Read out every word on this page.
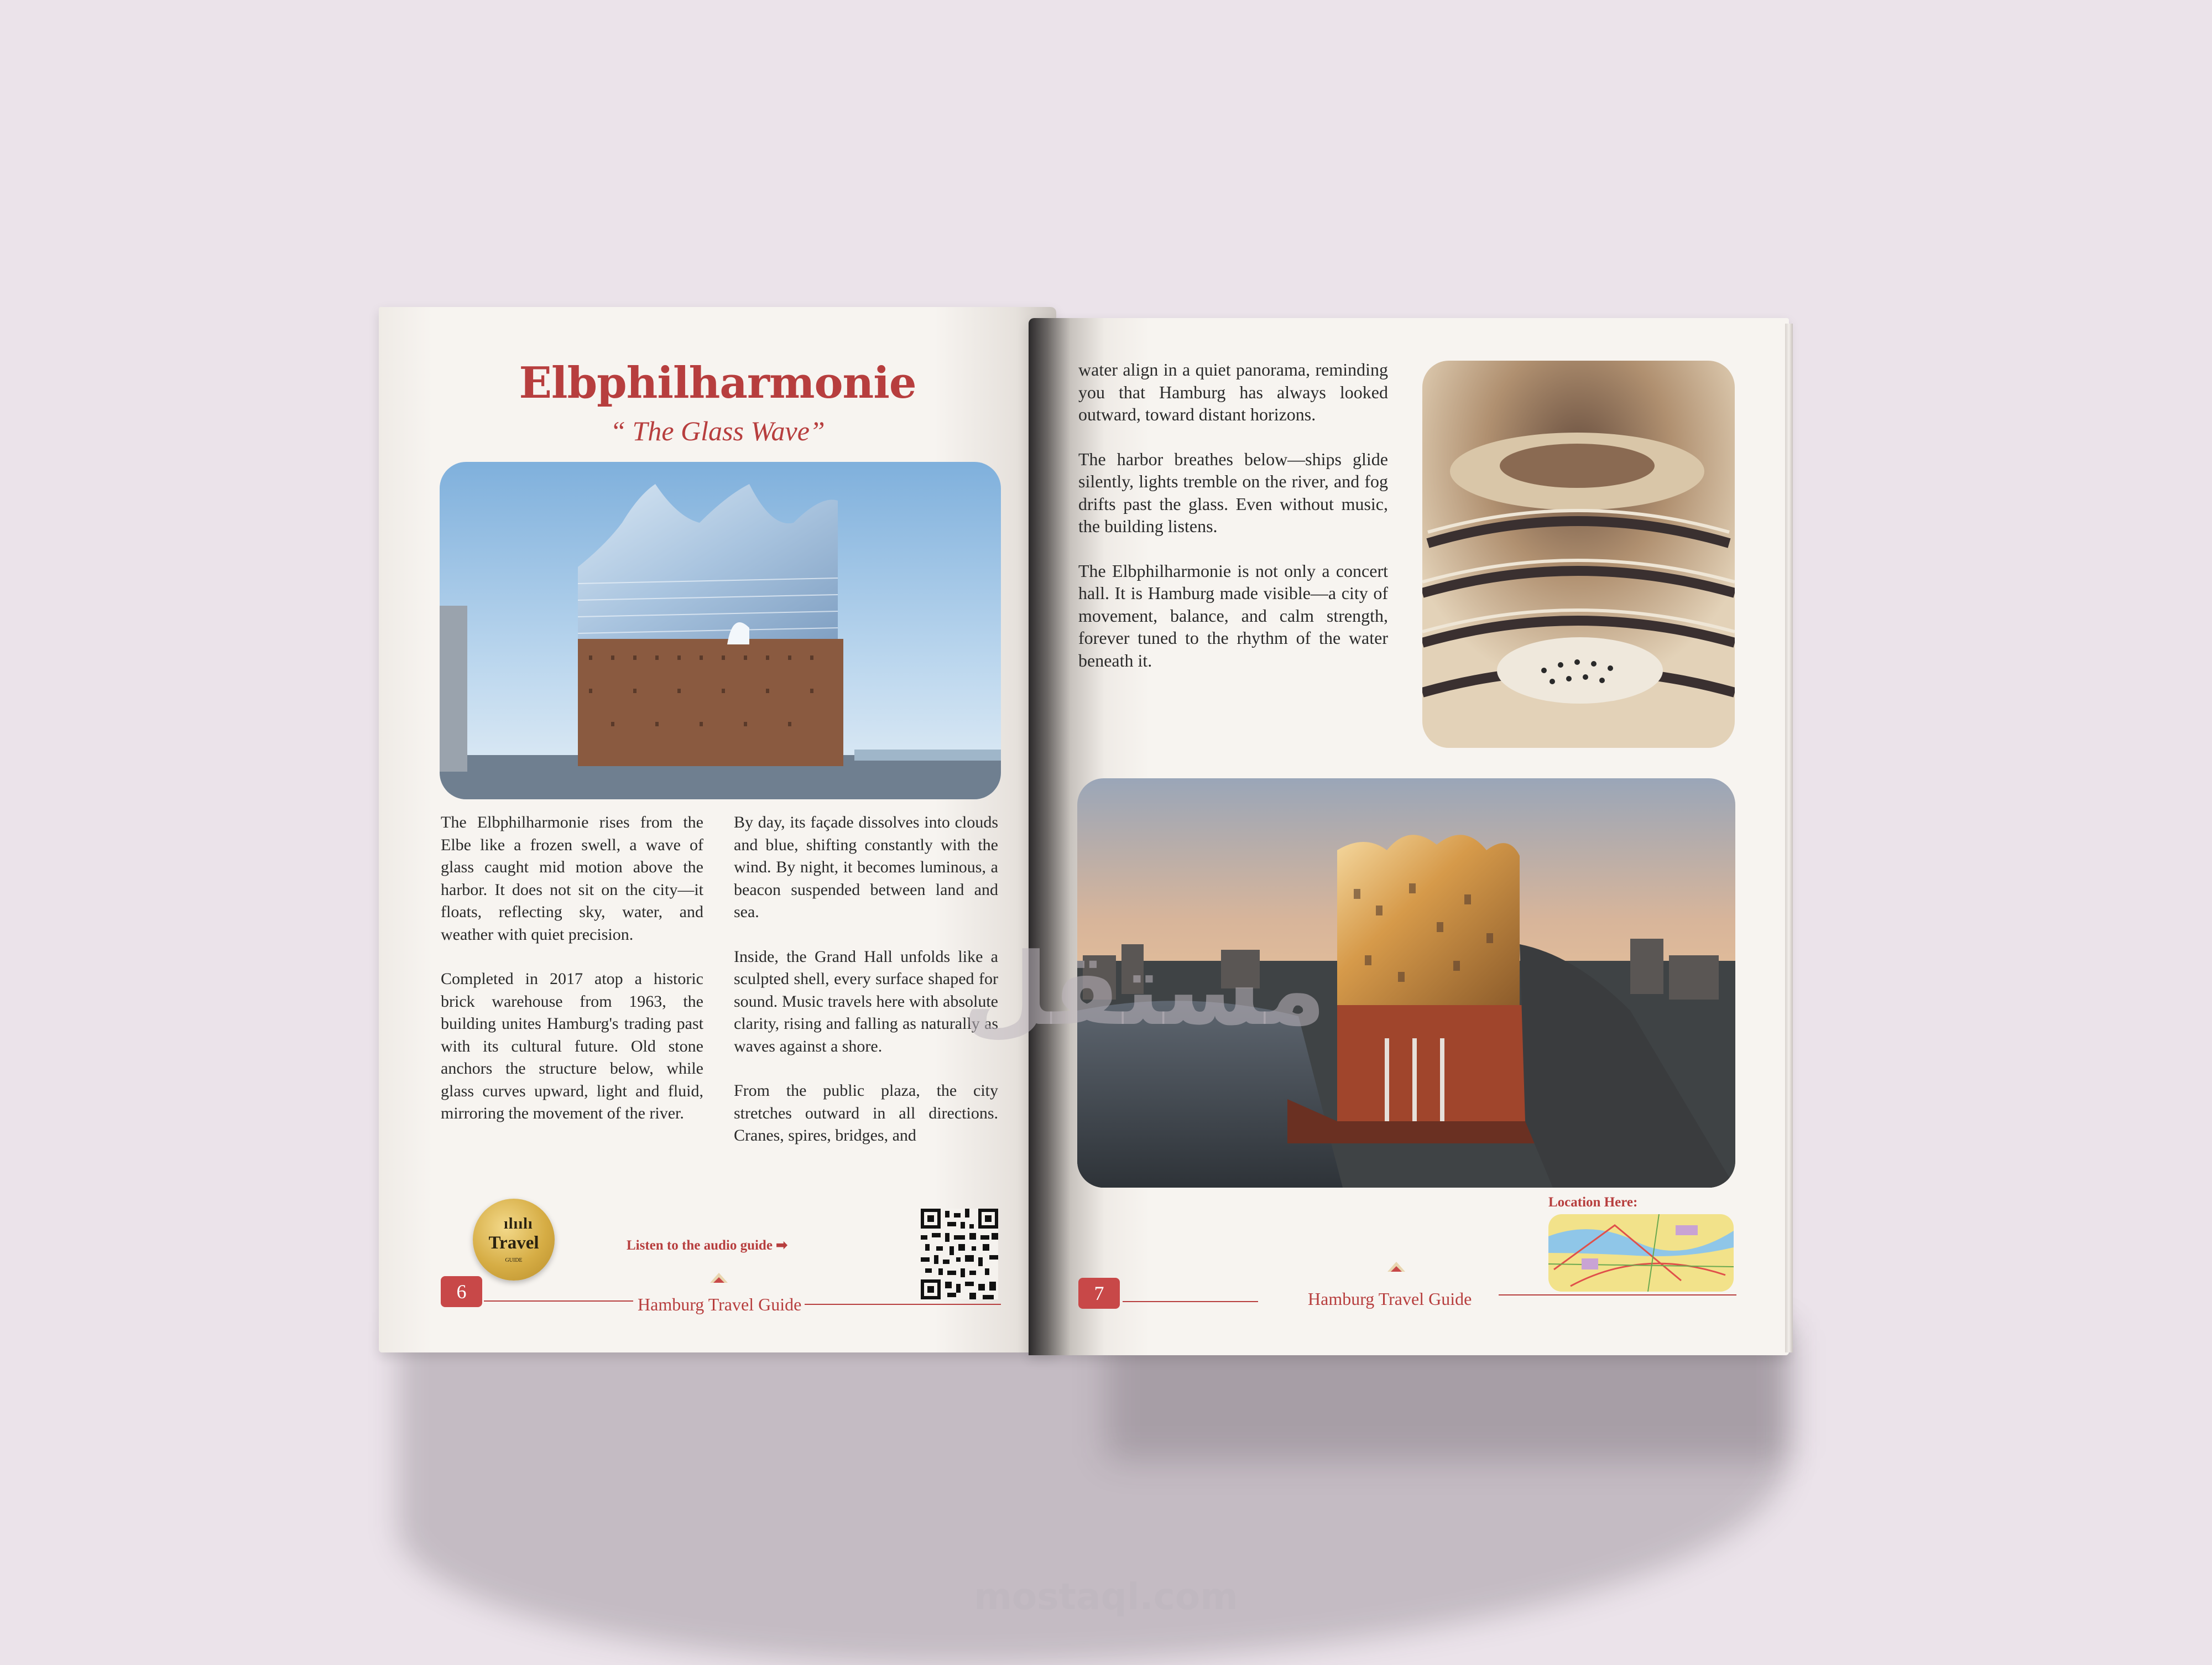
Elbphilharmonie
“ The Glass Wave”

The Elbphilharmonie rises from the Elbe like a frozen swell, a wave of glass caught mid motion above the harbor. It does not sit on the city—it floats, reflecting sky, water, and weather with quiet precision.

Completed in 2017 atop a historic brick warehouse from 1963, the building unites Hamburg's trading past with its cultural future. Old stone anchors the structure below, while glass curves upward, light and fluid, mirroring the movement of the river.

By day, its façade dissolves into clouds and blue, shifting constantly with the wind. By night, it becomes luminous, a beacon suspended between land and sea.

Inside, the Grand Hall unfolds like a sculpted shell, every surface shaped for sound. Music travels here with absolute clarity, rising and falling as naturally as waves against a shore.

From the public plaza, the city stretches outward in all directions. Cranes, spires, bridges, and

ılıılı
Travel
GUIDE
Listen to the audio guide ➡
6
Hamburg Travel Guide

water align in a quiet panorama, reminding you that Hamburg has always looked outward, toward distant horizons.

The harbor breathes below—ships glide silently, lights tremble on the river, and fog drifts past the glass. Even without music, the building listens.

The Elbphilharmonie is not only a concert hall. It is Hamburg made visible—a city of movement, balance, and calm strength, forever tuned to the rhythm of the water beneath it.

Location Here:
7	Hamburg Travel Guide
مستقل
mostaql.com
